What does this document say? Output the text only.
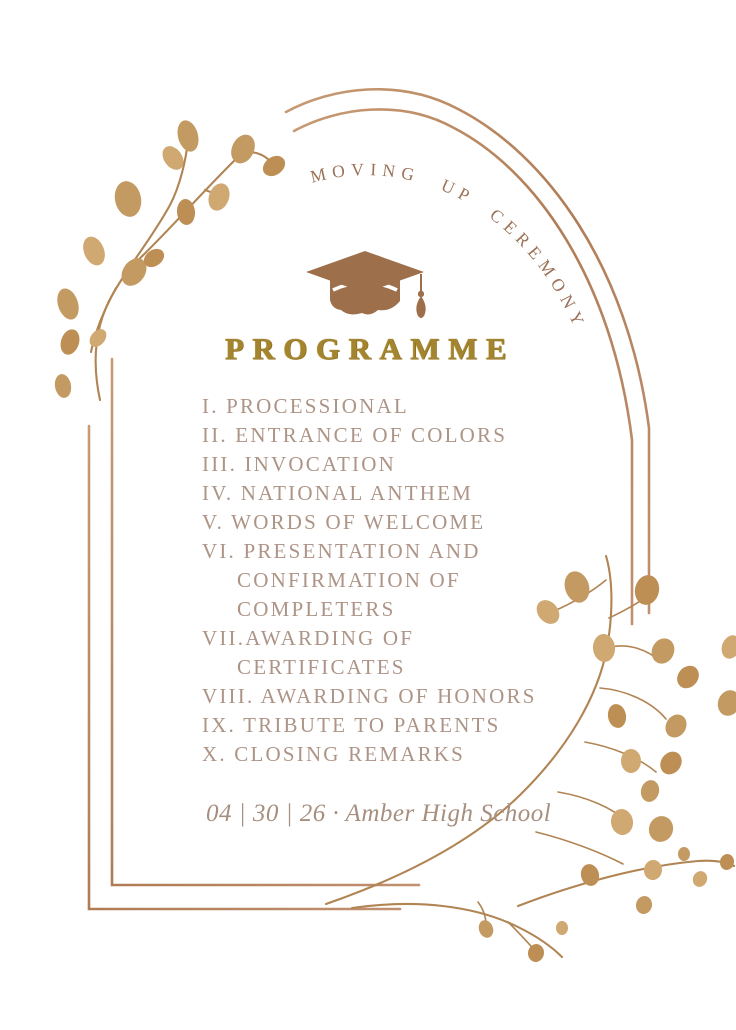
MOVING UP CEREMONY
PROGRAMME
I. PROCESSIONAL
II. ENTRANCE OF COLORS
III. INVOCATION
IV. NATIONAL ANTHEM
V. WORDS OF WELCOME
VI. PRESENTATION AND
CONFIRMATION OF
COMPLETERS
VII.AWARDING OF
CERTIFICATES
VIII. AWARDING OF HONORS
IX. TRIBUTE TO PARENTS
X. CLOSING REMARKS
04 | 30 | 26 · Amber High School
